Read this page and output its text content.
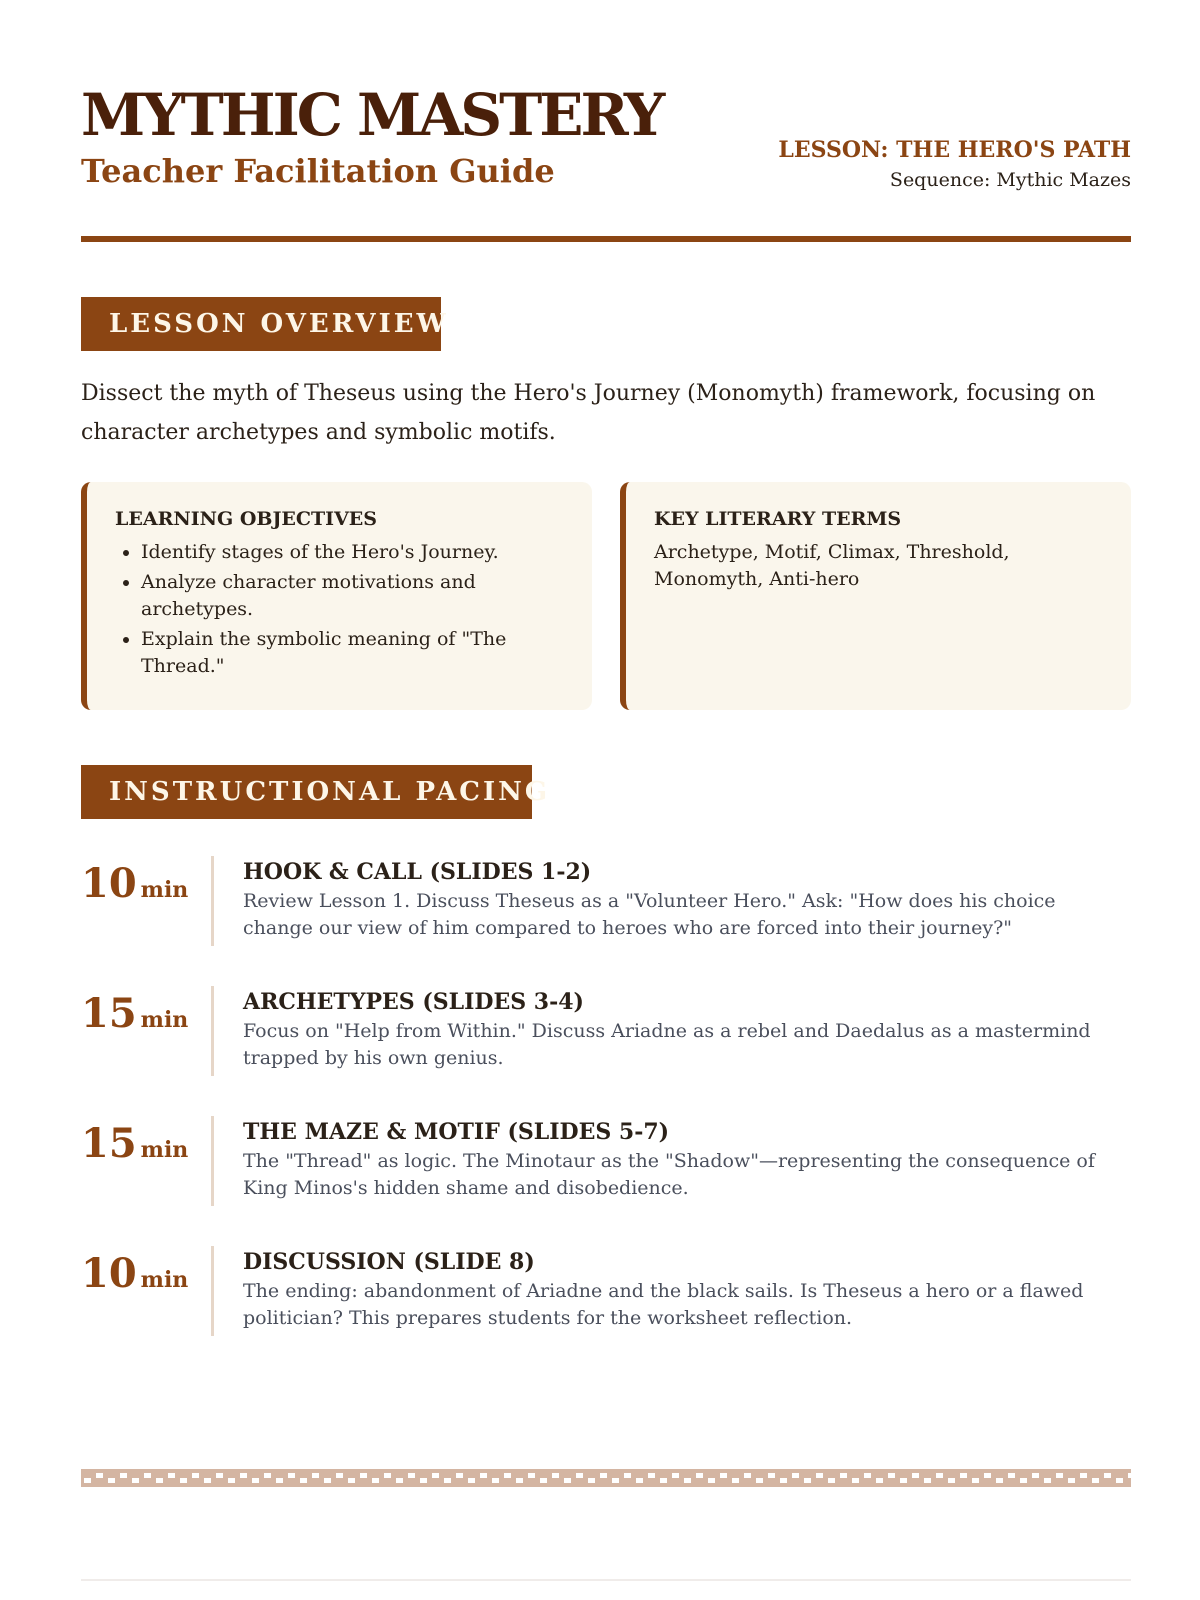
MYTHIC MASTERY
Teacher Facilitation Guide
LESSON: THE HERO'S PATH
Sequence: Mythic Mazes
LESSON OVERVIEW

Dissect the myth of Theseus using the Hero's Journey (Monomyth) framework, focusing on character archetypes and symbolic motifs.

LEARNING OBJECTIVES
• Identify stages of the Hero's Journey.
• Analyze character motivations and archetypes.
• Explain the symbolic meaning of "The Thread."
KEY LITERARY TERMS

Archetype, Motif, Climax, Threshold, Monomyth, Anti-hero

INSTRUCTIONAL PACING
10 min
HOOK & CALL (SLIDES 1-2)

Review Lesson 1. Discuss Theseus as a "Volunteer Hero." Ask: "How does his choice change our view of him compared to heroes who are forced into their journey?"

15 min
ARCHETYPES (SLIDES 3-4)

Focus on "Help from Within." Discuss Ariadne as a rebel and Daedalus as a mastermind trapped by his own genius.

15 min
THE MAZE & MOTIF (SLIDES 5-7)

The "Thread" as logic. The Minotaur as the "Shadow"—representing the consequence of King Minos's hidden shame and disobedience.

10 min
DISCUSSION (SLIDE 8)

The ending: abandonment of Ariadne and the black sails. Is Theseus a hero or a flawed politician? This prepares students for the worksheet reflection.
